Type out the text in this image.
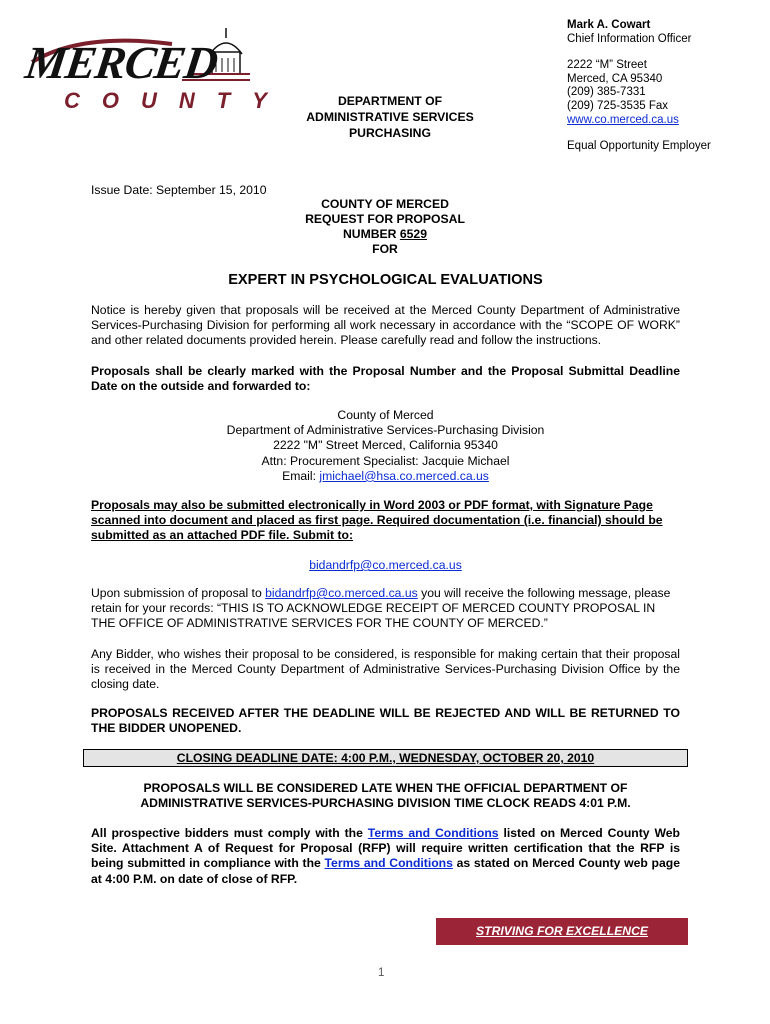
MERCED
COUNTY	DEPARTMENT OF
ADMINISTRATIVE SERVICES
PURCHASING
Mark A. Cowart
Chief Information Officer
2222 “M” Street
Merced, CA 95340
(209) 385-7331
(209) 725-3535 Fax
www.co.merced.ca.us
Equal Opportunity Employer
Issue Date: September 15, 2010
COUNTY OF MERCED
REQUEST FOR PROPOSAL
NUMBER 6529
FOR
EXPERT IN PSYCHOLOGICAL EVALUATIONS
Notice is hereby given that proposals will be received at the Merced County Department of Administrative Services-Purchasing Division for performing all work necessary in accordance with the “SCOPE OF WORK” and other related documents provided herein. Please carefully read and follow the instructions.
Proposals shall be clearly marked with the Proposal Number and the Proposal Submittal Deadline Date on the outside and forwarded to:
County of Merced
Department of Administrative Services-Purchasing Division
2222 "M" Street Merced, California 95340
Attn: Procurement Specialist: Jacquie Michael
Email: jmichael@hsa.co.merced.ca.us
Proposals may also be submitted electronically in Word 2003 or PDF format, with Signature Page scanned into document and placed as first page. Required documentation (i.e. financial) should be submitted as an attached PDF file. Submit to:
bidandrfp@co.merced.ca.us
Upon submission of proposal to bidandrfp@co.merced.ca.us you will receive the following message, please retain for your records: “THIS IS TO ACKNOWLEDGE RECEIPT OF MERCED COUNTY PROPOSAL IN THE OFFICE OF ADMINISTRATIVE SERVICES FOR THE COUNTY OF MERCED.”
Any Bidder, who wishes their proposal to be considered, is responsible for making certain that their proposal is received in the Merced County Department of Administrative Services-Purchasing Division Office by the closing date.
PROPOSALS RECEIVED AFTER THE DEADLINE WILL BE REJECTED AND WILL BE RETURNED TO THE BIDDER UNOPENED.
CLOSING DEADLINE DATE: 4:00 P.M., WEDNESDAY, OCTOBER 20, 2010
PROPOSALS WILL BE CONSIDERED LATE WHEN THE OFFICIAL DEPARTMENT OF
ADMINISTRATIVE SERVICES-PURCHASING DIVISION TIME CLOCK READS 4:01 P.M.
All prospective bidders must comply with the Terms and Conditions listed on Merced County Web Site. Attachment A of Request for Proposal (RFP) will require written certification that the RFP is being submitted in compliance with the Terms and Conditions as stated on Merced County web page at 4:00 P.M. on date of close of RFP.
STRIVING FOR EXCELLENCE
1
